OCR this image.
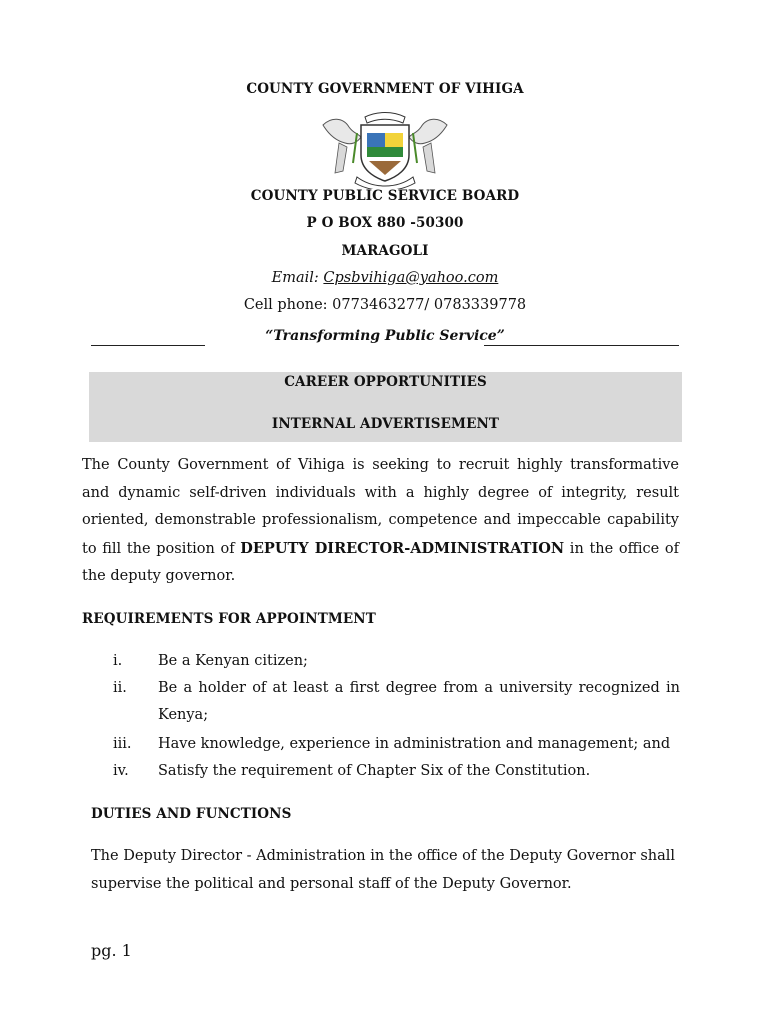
COUNTY GOVERNMENT OF VIHIGA
COUNTY PUBLIC SERVICE BOARD
P O BOX 880 -50300
MARAGOLI
Email: Cpsbvihiga@yahoo.com
Cell phone: 0773463277/ 0783339778
“Transforming Public Service”
CAREER OPPORTUNITIES
INTERNAL ADVERTISEMENT
The County Government of Vihiga is seeking to recruit highly transformative and dynamic self-driven individuals with a highly degree of integrity, result oriented, demonstrable professionalism, competence and impeccable capability to fill the position of DEPUTY DIRECTOR-ADMINISTRATION in the office of the deputy governor.
REQUIREMENTS FOR APPOINTMENT
i.	Be a Kenyan citizen;
ii.	Be a holder of at least a first degree from a university recognized in Kenya;
iii.	Have knowledge, experience in administration and management; and
iv.	Satisfy the requirement of Chapter Six of the Constitution.
DUTIES AND FUNCTIONS
The Deputy Director - Administration in the office of the Deputy Governor shall supervise the political and personal staff of the Deputy Governor.
pg. 1
